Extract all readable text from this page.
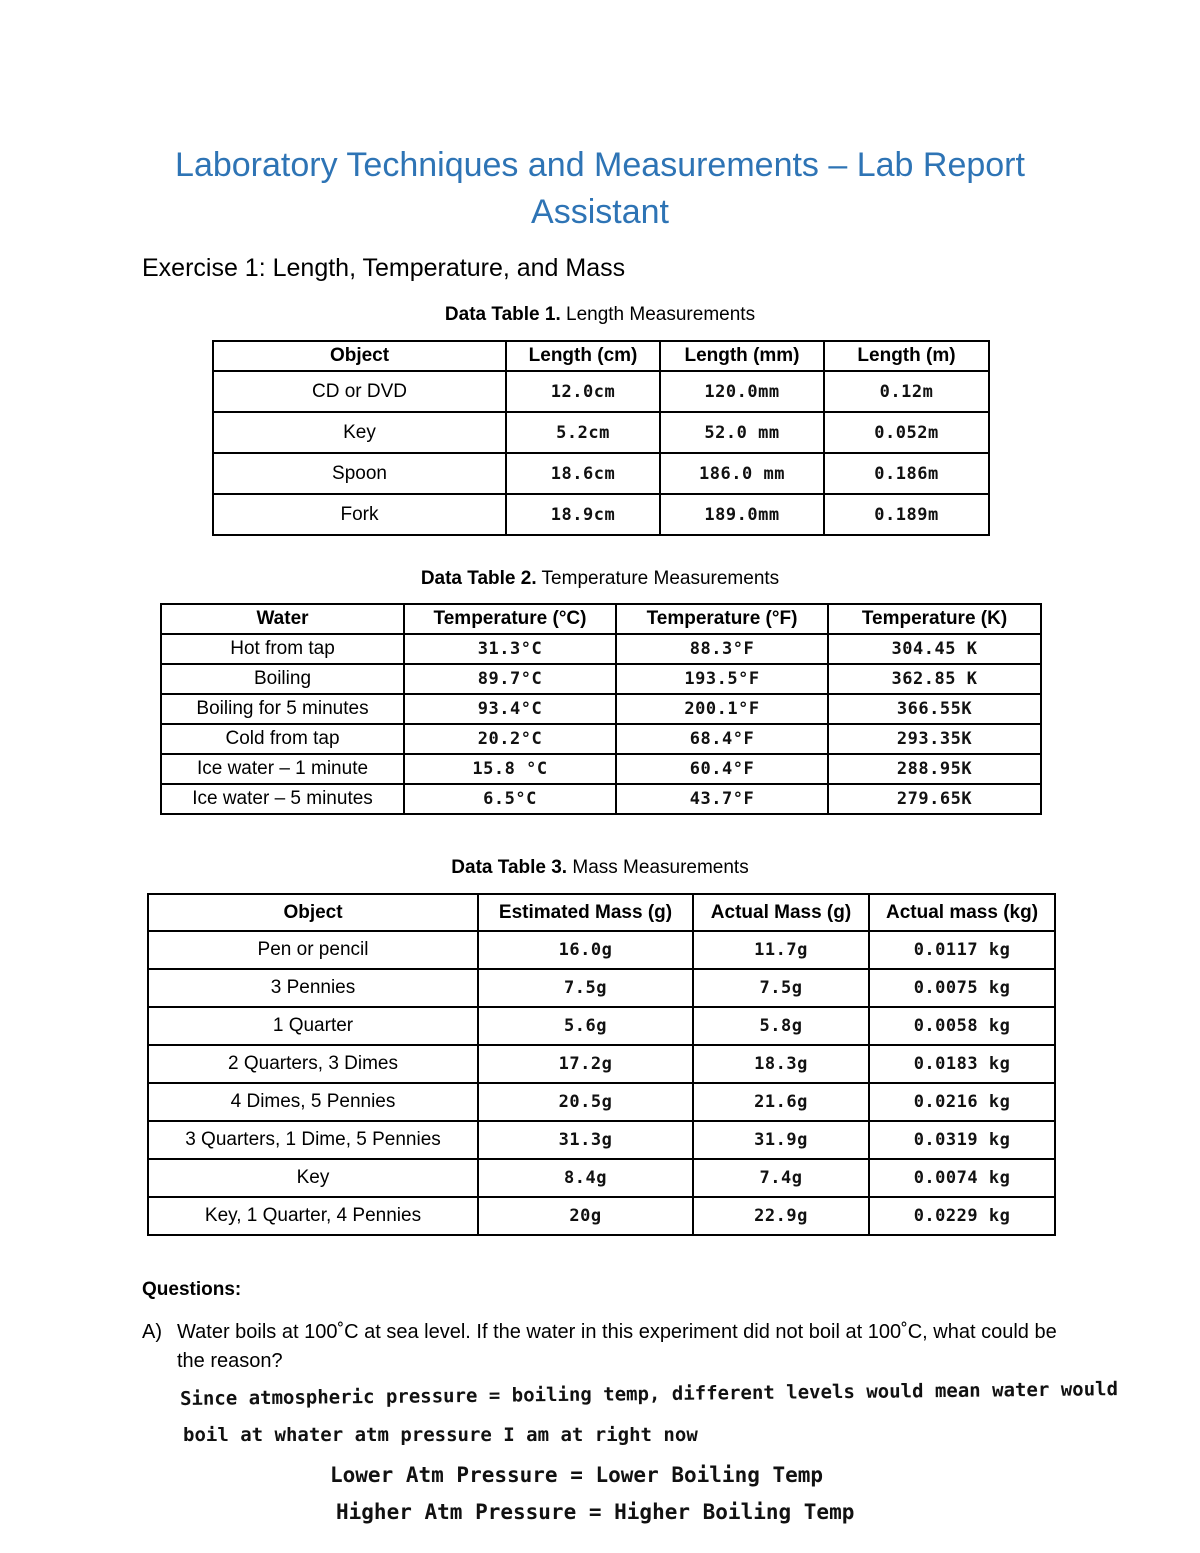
Laboratory Techniques and Measurements – Lab Report
Assistant
Exercise 1: Length, Temperature, and Mass
Data Table 1. Length Measurements
Object	Length (cm)	Length (mm)	Length (m)
CD or DVD	12.0cm	120.0mm	0.12m
Key	5.2cm	52.0 mm	0.052m
Spoon	18.6cm	186.0 mm	0.186m
Fork	18.9cm	189.0mm	0.189m
Data Table 2. Temperature Measurements
Water	Temperature (°C)	Temperature (°F)	Temperature (K)
Hot from tap	31.3°C	88.3°F	304.45 K
Boiling	89.7°C	193.5°F	362.85 K
Boiling for 5 minutes	93.4°C	200.1°F	366.55K
Cold from tap	20.2°C	68.4°F	293.35K
Ice water – 1 minute	15.8 °C	60.4°F	288.95K
Ice water – 5 minutes	6.5°C	43.7°F	279.65K
Data Table 3. Mass Measurements
Object	Estimated Mass (g)	Actual Mass (g)	Actual mass (kg)
Pen or pencil	16.0g	11.7g	0.0117 kg
3 Pennies	7.5g	7.5g	0.0075 kg
1 Quarter	5.6g	5.8g	0.0058 kg
2 Quarters, 3 Dimes	17.2g	18.3g	0.0183 kg
4 Dimes, 5 Pennies	20.5g	21.6g	0.0216 kg
3 Quarters, 1 Dime, 5 Pennies	31.3g	31.9g	0.0319 kg
Key	8.4g	7.4g	0.0074 kg
Key, 1 Quarter, 4 Pennies	20g	22.9g	0.0229 kg
Questions:
A) Water boils at 100˚C at sea level. If the water in this experiment did not boil at 100˚C, what could be the reason?
Since atmospheric pressure = boiling temp, different levels would mean water would
boil at whater atm pressure I am at right now
Lower Atm Pressure = Lower Boiling Temp
Higher Atm Pressure = Higher Boiling Temp
